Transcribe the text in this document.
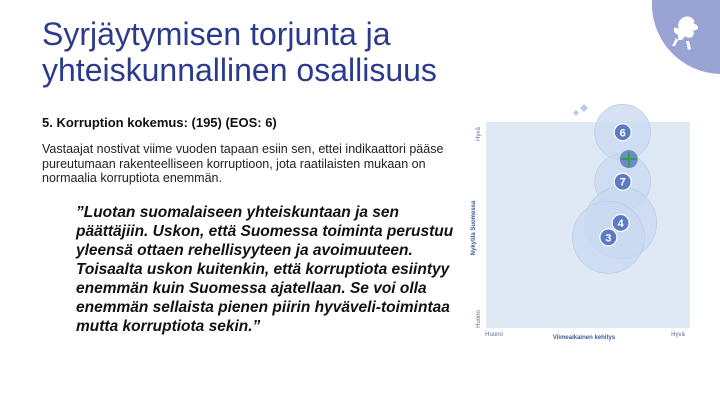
Syrjäytymisen torjunta ja
yhteiskunnallinen osallisuus
5. Korruption kokemus: (195) (EOS: 6)
Vastaajat nostivat viime vuoden tapaan esiin sen, ettei indikaattori pääse pureutumaan rakenteelliseen korruptioon, jota raatilaisten mukaan on normaalia korruptiota enemmän.
”Luotan suomalaiseen yhteiskuntaan ja sen päättäjiin. Uskon, että Suomessa toiminta perustuu yleensä ottaen rehellisyyteen ja avoimuuteen. Toisaalta uskon kuitenkin, että korruptiota esiintyy enemmän kuin Suomessa ajatellaan. Se voi olla enemmän sellaista pienen piirin hyväveli-toimintaa mutta korruptiota sekin.”
6
7
4
3
Hyvä
Huono
Nykytila Suomessa
Huono	Hyvä
Viimeaikainen kehitys
